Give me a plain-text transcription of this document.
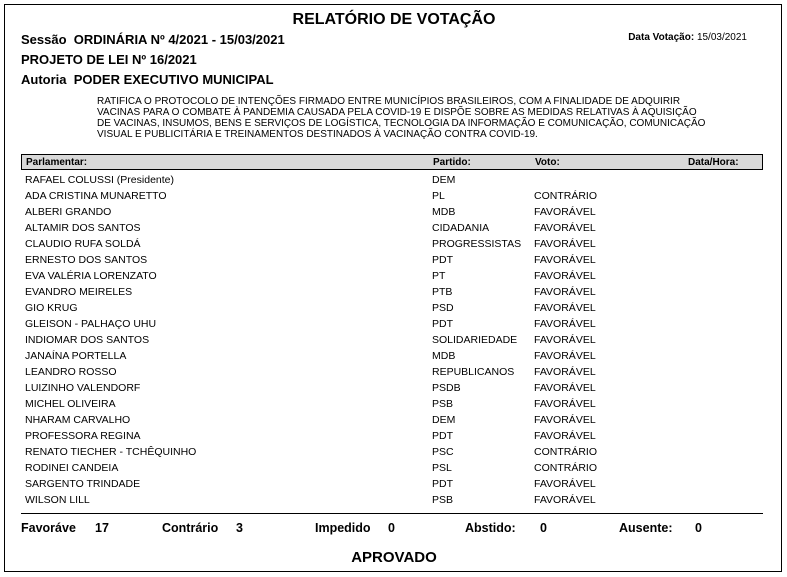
RELATÓRIO DE VOTAÇÃO
Sessão ORDINÁRIA Nº 4/2021 - 15/03/2021	Data Votação: 15/03/2021
PROJETO DE LEI Nº 16/2021
Autoria PODER EXECUTIVO MUNICIPAL
RATIFICA O PROTOCOLO DE INTENÇÕES FIRMADO ENTRE MUNICÍPIOS BRASILEIROS, COM A FINALIDADE DE ADQUIRIR
VACINAS PARA O COMBATE À PANDEMIA CAUSADA PELA COVID-19 E DISPÕE SOBRE AS MEDIDAS RELATIVAS À AQUISIÇÃO
DE VACINAS, INSUMOS, BENS E SERVIÇOS DE LOGÍSTICA, TECNOLOGIA DA INFORMAÇÃO E COMUNICAÇÃO, COMUNICAÇÃO
VISUAL E PUBLICITÁRIA E TREINAMENTOS DESTINADOS À VACINAÇÃO CONTRA COVID-19.
Parlamentar:	Partido:	Voto:	Data/Hora:
RAFAEL COLUSSI (Presidente)	DEM
ADA CRISTINA MUNARETTO	PL	CONTRÁRIO
ALBERI GRANDO	MDB	FAVORÁVEL
ALTAMIR DOS SANTOS	CIDADANIA	FAVORÁVEL
CLAUDIO RUFA SOLDÁ	PROGRESSISTAS FAVORÁVEL
ERNESTO DOS SANTOS	PDT	FAVORÁVEL
EVA VALÉRIA LORENZATO	PT	FAVORÁVEL
EVANDRO MEIRELES	PTB	FAVORÁVEL
GIO KRUG	PSD	FAVORÁVEL
GLEISON - PALHAÇO UHU	PDT	FAVORÁVEL
INDIOMAR DOS SANTOS	SOLIDARIEDADE FAVORÁVEL
JANAÍNA PORTELLA	MDB	FAVORÁVEL
LEANDRO ROSSO	REPUBLICANOS FAVORÁVEL
LUIZINHO VALENDORF	PSDB	FAVORÁVEL
MICHEL OLIVEIRA	PSB	FAVORÁVEL
NHARAM CARVALHO	DEM	FAVORÁVEL
PROFESSORA REGINA	PDT	FAVORÁVEL
RENATO TIECHER - TCHÊQUINHO	PSC	CONTRÁRIO
RODINEI CANDEIA	PSL	CONTRÁRIO
SARGENTO TRINDADE	PDT	FAVORÁVEL
WILSON LILL	PSB	FAVORÁVEL
Favoráve 17	Contrário 3	Impedido 0	Abstido: 0	Ausente: 0
APROVADO
